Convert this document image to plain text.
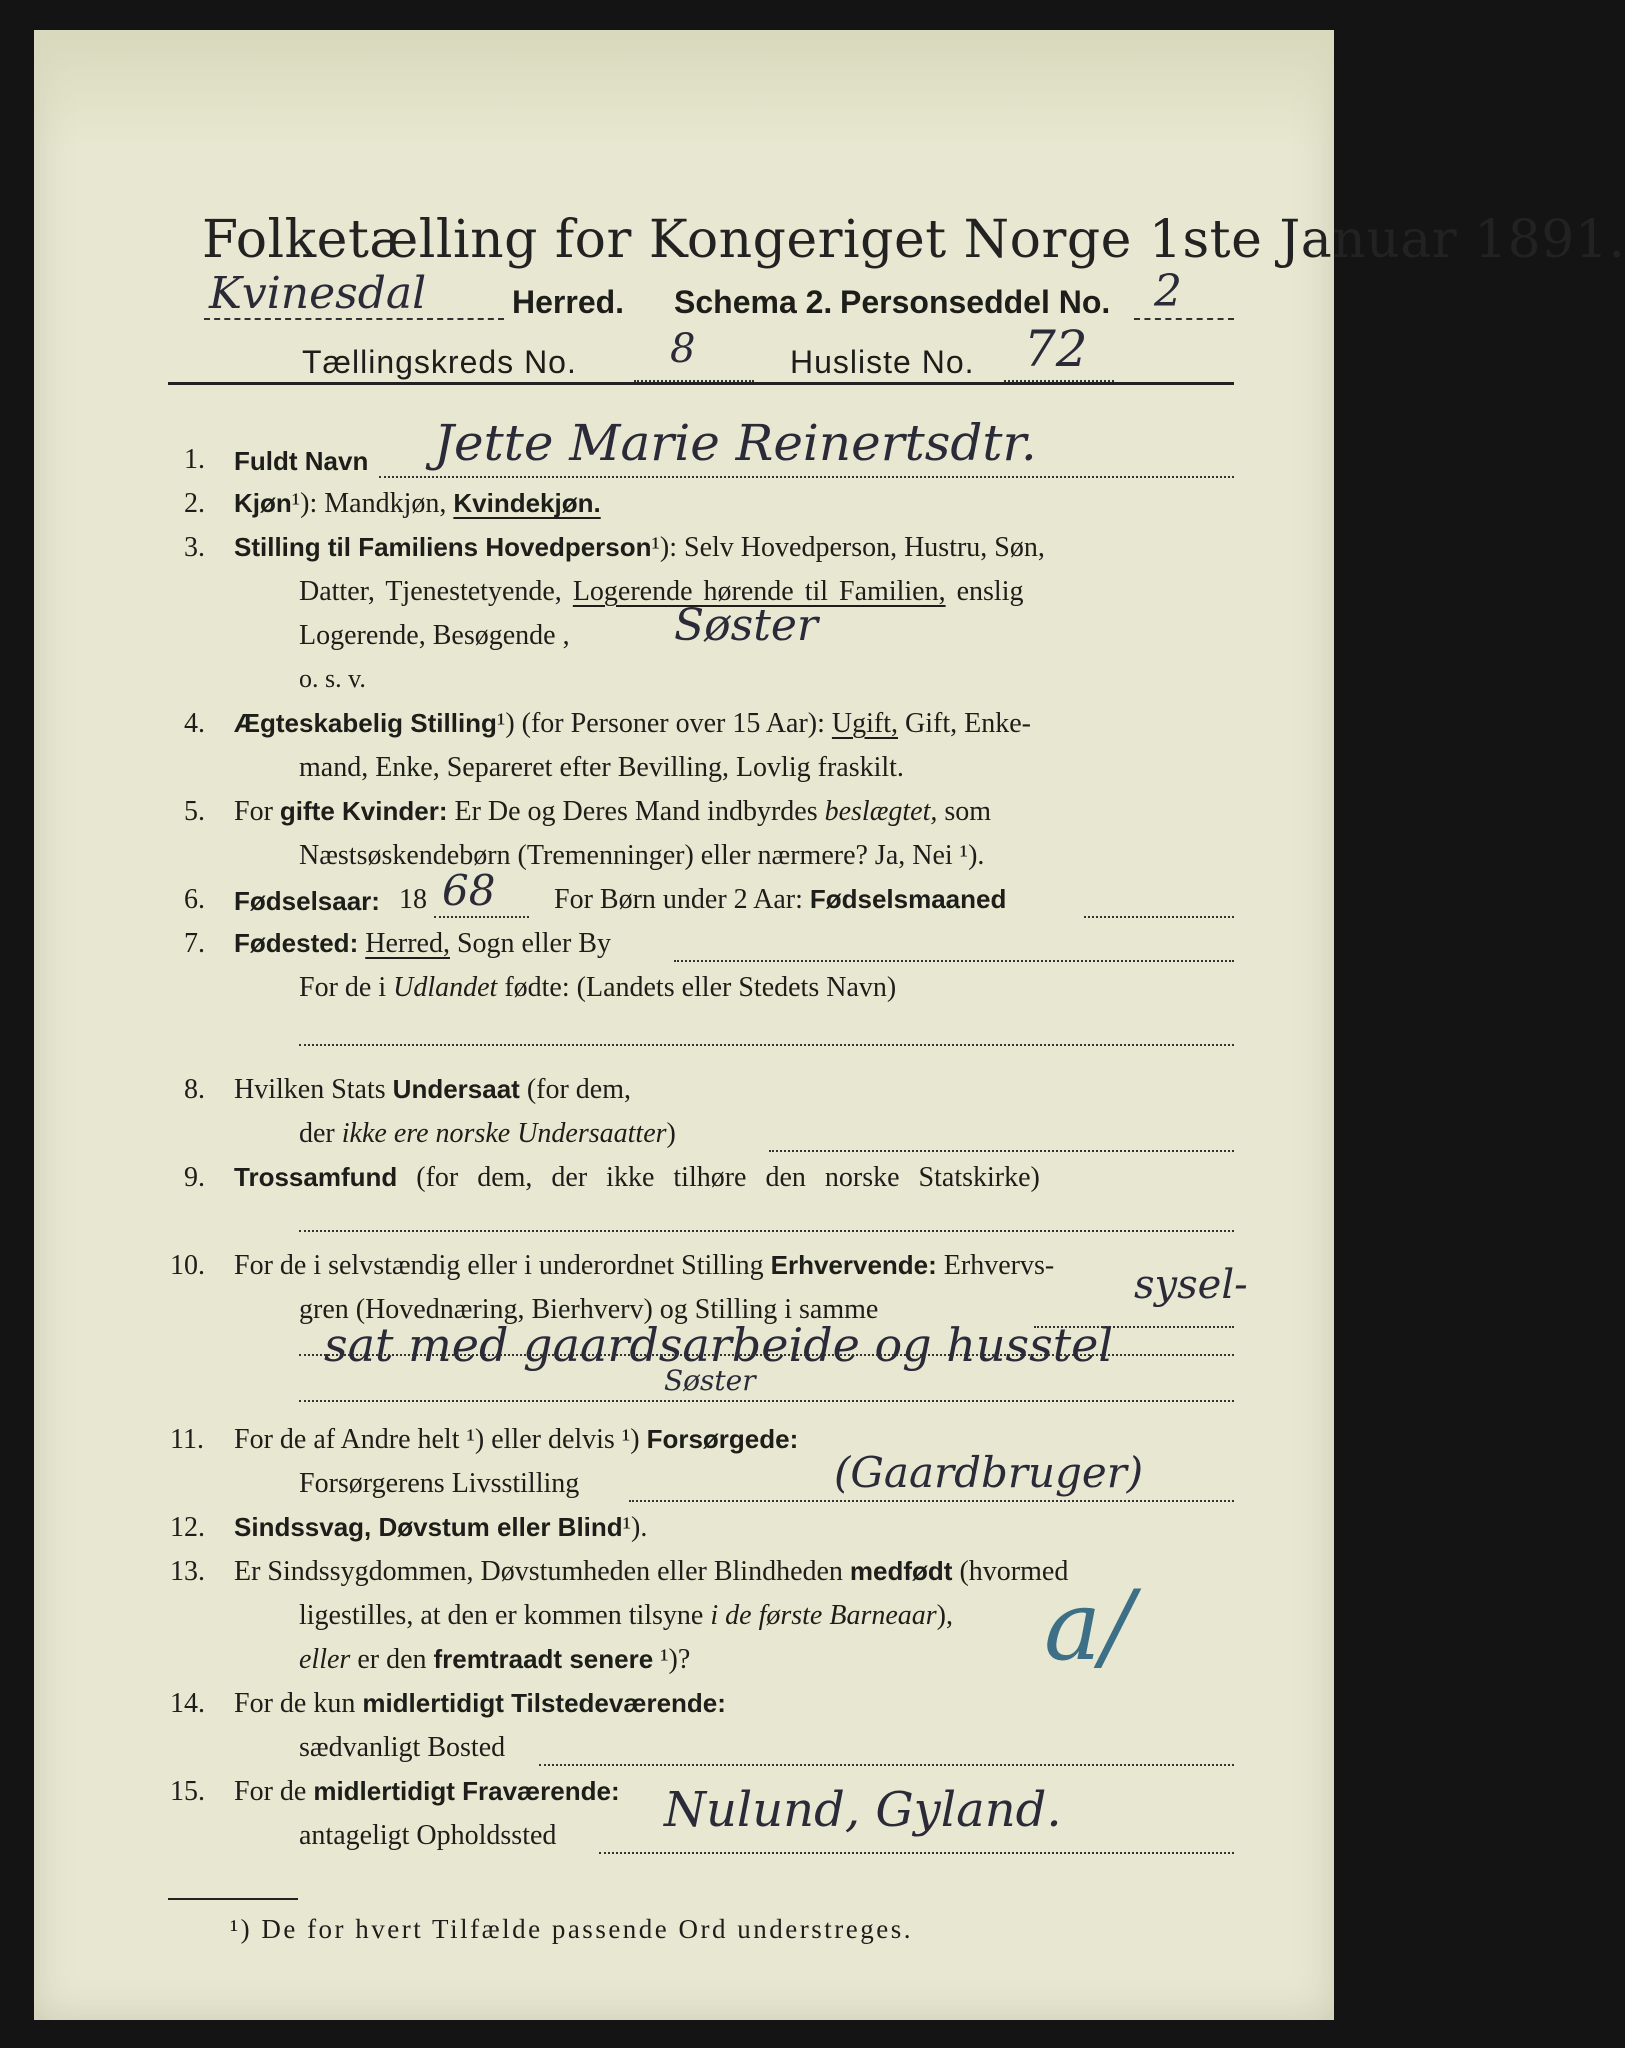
Folketælling for Kongeriget Norge 1ste Januar 1891.
Kvinesdal	Herred. Schema 2. Personseddel No. 2
Tællingskreds No. 8	Husliste No. 72
1. Fuldt Navn Jette Marie Reinertsdtr.
2. Kjøn¹): Mandkjøn, Kvindekjøn.
3. Stilling til Familiens Hovedperson¹): Selv Hovedperson, Hustru, Søn,
Datter, Tjenestetyende, Logerende hørende til Familien, enslig
Logerende, Besøgende , Søster
o. s. v.
4. Ægteskabelig Stilling¹) (for Personer over 15 Aar): Ugift, Gift, Enke-
mand, Enke, Separeret efter Bevilling, Lovlig fraskilt.
5. For gifte Kvinder: Er De og Deres Mand indbyrdes beslægtet, som
Næstsøskendebørn (Tremenninger) eller nærmere? Ja, Nei ¹).
6. Fødselsaar: 18 68 For Børn under 2 Aar: Fødselsmaaned
7. Fødested: Herred, Sogn eller By
For de i Udlandet fødte: (Landets eller Stedets Navn)
8. Hvilken Stats Undersaat (for dem,
der ikke ere norske Undersaatter)
9. Trossamfund (for dem, der ikke tilhøre den norske Statskirke)
10. For de i selvstændig eller i underordnet Stilling Erhvervende: Erhvervs-
gren (Hovednæring, Bierhverv) og Stilling i samme
sysel-
sat med gaardsarbeide og husstel
Søster
11. For de af Andre helt ¹) eller delvis ¹) Forsørgede:
Forsørgerens Livsstilling	(Gaardbruger)
12. Sindssvag, Døvstum eller Blind¹).
13. Er Sindssygdommen, Døvstumheden eller Blindheden medfødt (hvormed
ligestilles, at den er kommen tilsyne i de første Barneaar),
eller er den fremtraadt senere ¹)?	a/
14. For de kun midlertidigt Tilstedeværende:
sædvanligt Bosted
15. For de midlertidigt Fraværende:
antageligt Opholdssted Nulund, Gyland.
¹) De for hvert Tilfælde passende Ord understreges.
